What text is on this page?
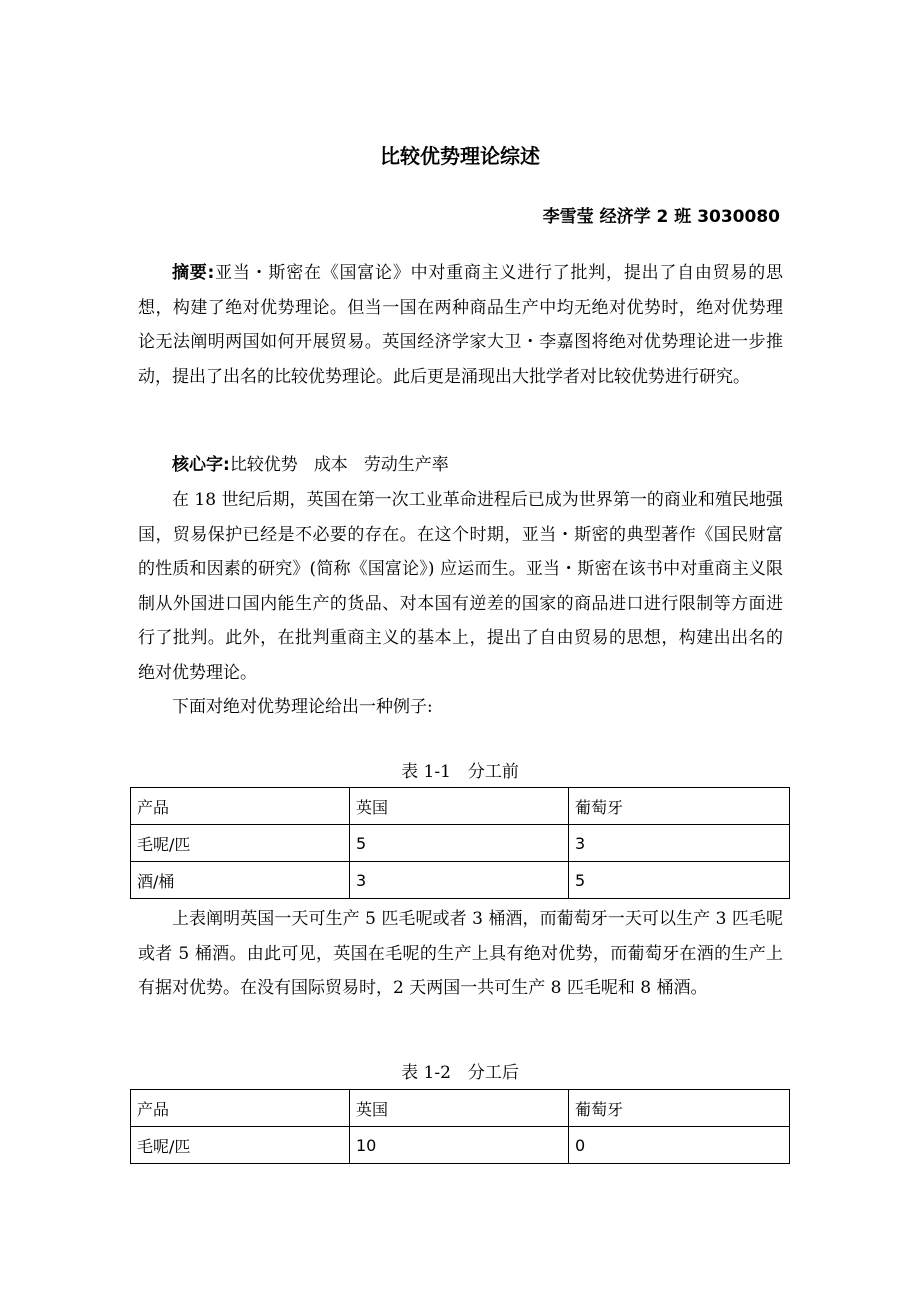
比较优势理论综述
李雪莹 经济学 2 班 3030080
摘要:亚当・斯密在《国富论》中对重商主义进行了批判，提出了自由贸易的思想，构建了绝对优势理论。但当一国在两种商品生产中均无绝对优势时，绝对优势理论无法阐明两国如何开展贸易。英国经济学家大卫・李嘉图将绝对优势理论进一步推动，提出了出名的比较优势理论。此后更是涌现出大批学者对比较优势进行研究。
核心字:比较优势 成本 劳动生产率
在 18 世纪后期，英国在第一次工业革命进程后已成为世界第一的商业和殖民地强国，贸易保护已经是不必要的存在。在这个时期，亚当・斯密的典型著作《国民财富的性质和因素的研究》(简称《国富论》) 应运而生。亚当・斯密在该书中对重商主义限制从外国进口国内能生产的货品、对本国有逆差的国家的商品进口进行限制等方面进行了批判。此外，在批判重商主义的基本上，提出了自由贸易的思想，构建出出名的绝对优势理论。
下面对绝对优势理论给出一种例子:
表 1-1　分工前
产品	英国	葡萄牙
毛呢/匹	5	3
酒/桶	3	5
上表阐明英国一天可生产 5 匹毛呢或者 3 桶酒，而葡萄牙一天可以生产 3 匹毛呢或者 5 桶酒。由此可见，英国在毛呢的生产上具有绝对优势，而葡萄牙在酒的生产上有据对优势。在没有国际贸易时，2 天两国一共可生产 8 匹毛呢和 8 桶酒。
表 1-2　分工后
产品	英国	葡萄牙
毛呢/匹	10	0
